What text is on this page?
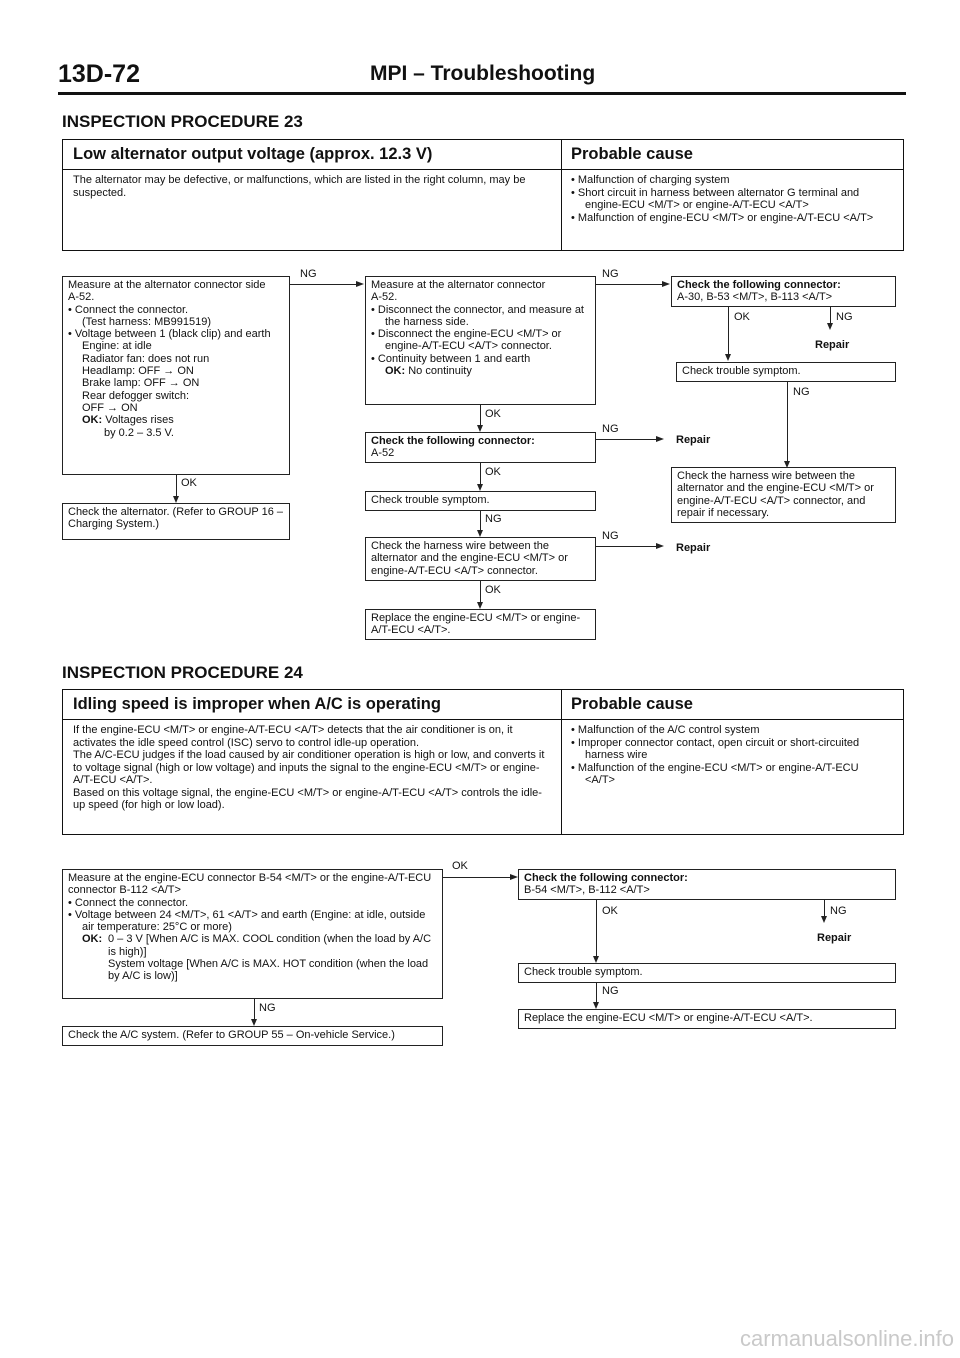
13D-72	MPI – Troubleshooting
INSPECTION PROCEDURE 23
Low alternator output voltage (approx. 12.3 V)	Probable cause
The alternator may be defective, or malfunctions, which are listed in the right column, may be suspected.
• Malfunction of charging system
• Short circuit in harness between alternator G terminal and engine-ECU <M/T> or engine-A/T-ECU <A/T>
• Malfunction of engine-ECU <M/T> or engine-A/T-ECU <A/T>
Measure at the alternator connector side
A-52.
• Connect the connector.
(Test harness: MB991519)
• Voltage between 1 (black clip) and earth
Engine: at idle
Radiator fan: does not run
Headlamp: OFF → ON
Brake lamp: OFF → ON
Rear defogger switch:
OFF → ON
OK: Voltages rises
by 0.2 – 3.5 V.
OK
Check the alternator. (Refer to GROUP 16 – Charging System.)
NG
Measure at the alternator connector
A-52.
• Disconnect the connector, and measure at the harness side.
• Disconnect the engine-ECU <M/T> or engine-A/T-ECU <A/T> connector.
• Continuity between 1 and earth
OK: No continuity
OK
NG
Check the following connector:
A-52
NG
Repair
OK
Check trouble symptom.
NG
Check the harness wire between the alternator and the engine-ECU <M/T> or engine-A/T-ECU <A/T> connector.
NG
Repair
OK
Replace the engine-ECU <M/T> or engine-A/T-ECU <A/T>.
Check the following connector:
A-30, B-53 <M/T>, B-113 <A/T>
OK	NG
Repair
Check trouble symptom.
NG
Check the harness wire between the alternator and the engine-ECU <M/T> or engine-A/T-ECU <A/T> connector, and repair if necessary.
INSPECTION PROCEDURE 24
Idling speed is improper when A/C is operating	Probable cause
If the engine-ECU <M/T> or engine-A/T-ECU <A/T> detects that the air conditioner is on, it activates the idle speed control (ISC) servo to control idle-up operation.
The A/C-ECU judges if the load caused by air conditioner operation is high or low, and converts it to voltage signal (high or low voltage) and inputs the signal to the engine-ECU <M/T> or engine-A/T-ECU <A/T>.
Based on this voltage signal, the engine-ECU <M/T> or engine-A/T-ECU <A/T> controls the idle-up speed (for high or low load).
• Malfunction of the A/C control system
• Improper connector contact, open circuit or short-circuited harness wire
• Malfunction of the engine-ECU <M/T> or engine-A/T-ECU <A/T>
Measure at the engine-ECU connector B-54 <M/T> or the engine-A/T-ECU connector B-112 <A/T>
• Connect the connector.
• Voltage between 24 <M/T>, 61 <A/T> and earth (Engine: at idle, outside air temperature: 25°C or more)
OK: 0 – 3 V [When A/C is MAX. COOL condition (when the load by A/C is high)]
System voltage [When A/C is MAX. HOT condition (when the load by A/C is low)]
OK
NG
Check the A/C system. (Refer to GROUP 55 – On-vehicle Service.)
Check the following connector:
B-54 <M/T>, B-112 <A/T>
OK	NG
Repair
Check trouble symptom.
NG
Replace the engine-ECU <M/T> or engine-A/T-ECU <A/T>.
carmanualsonline.info
